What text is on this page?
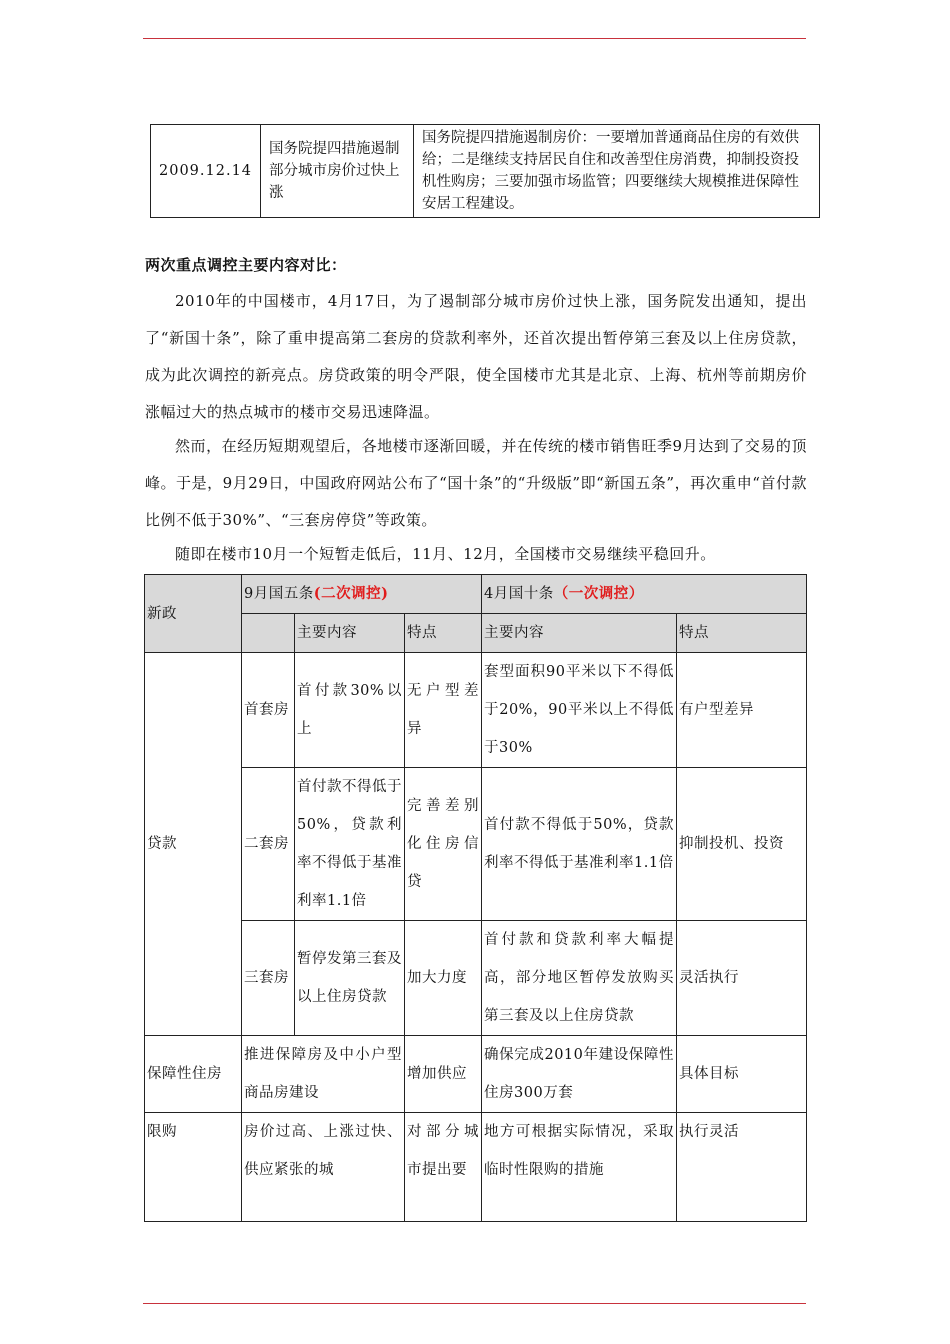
2009.12.14	国务院提四措施遏制部分城市房价过快上涨	国务院提四措施遏制房价：一要增加普通商品住房的有效供给；二是继续支持居民自住和改善型住房消费，抑制投资投机性购房；三要加强市场监管；四要继续大规模推进保障性安居工程建设。
两次重点调控主要内容对比：

2010年的中国楼市，4月17日，为了遏制部分城市房价过快上涨，国务院发出通知，提出了“新国十条”，除了重申提高第二套房的贷款利率外，还首次提出暂停第三套及以上住房贷款，成为此次调控的新亮点。房贷政策的明令严限，使全国楼市尤其是北京、上海、杭州等前期房价涨幅过大的热点城市的楼市交易迅速降温。

然而，在经历短期观望后，各地楼市逐渐回暖，并在传统的楼市销售旺季9月达到了交易的顶峰。于是，9月29日，中国政府网站公布了“国十条”的“升级版”即“新国五条”，再次重申“首付款比例不低于30%”、“三套房停贷”等政策。

随即在楼市10月一个短暂走低后，11月、12月，全国楼市交易继续平稳回升。

新政	9月国五条(二次调控)			4月国十条（一次调控）	
		主要内容	特点	主要内容	特点
贷款	首套房	首付款30%以上	无户型差异	套型面积90平米以下不得低于20%，90平米以上不得低于30%	有户型差异
	二套房	首付款不得低于50%，贷款利率不得低于基准利率1.1倍	完善差别化住房信贷	首付款不得低于50%，贷款利率不得低于基准利率1.1倍	抑制投机、投资
	三套房	暂停发第三套及以上住房贷款	加大力度	首付款和贷款利率大幅提高，部分地区暂停发放购买第三套及以上住房贷款	灵活执行
保障性住房	推进保障房及中小户型商品房建设		增加供应	确保完成2010年建设保障性住房300万套	具体目标
限购	房价过高、上涨过快、供应紧张的城		对部分城市提出要	地方可根据实际情况，采取临时性限购的措施	执行灵活
